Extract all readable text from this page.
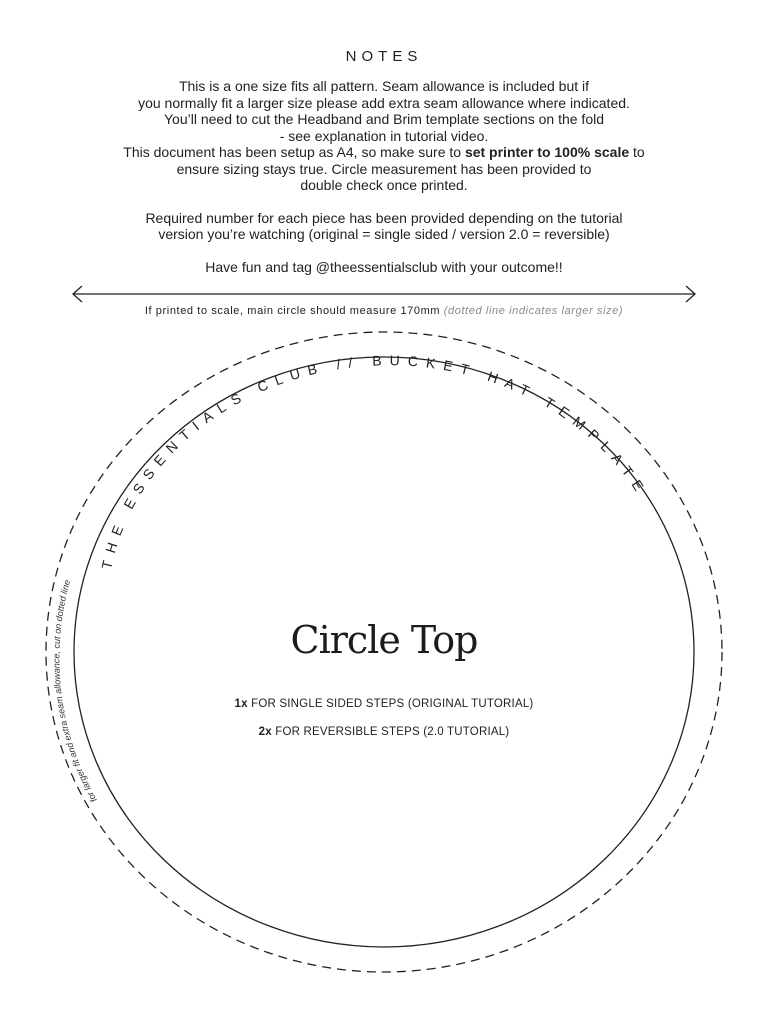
NOTES

This is a one size fits all pattern. Seam allowance is included but if

you normally fit a larger size please add extra seam allowance where indicated.

You’ll need to cut the Headband and Brim template sections on the fold

- see explanation in tutorial video.

This document has been setup as A4, so make sure to set printer to 100% scale to

ensure sizing stays true. Circle measurement has been provided to

double check once printed.

Required number for each piece has been provided depending on the tutorial

version you’re watching (original = single sided / version 2.0 = reversible)

Have fun and tag @theessentialsclub with your outcome!!

THE ESSENTIALS CLUB // BUCKET HAT TEMPLATE
for larger fit and extra seam allowance, cut on dotted line
If printed to scale, main circle should measure 170mm (dotted line indicates larger size)
Circle Top
1x FOR SINGLE SIDED STEPS (ORIGINAL TUTORIAL)
2x FOR REVERSIBLE STEPS (2.0 TUTORIAL)
